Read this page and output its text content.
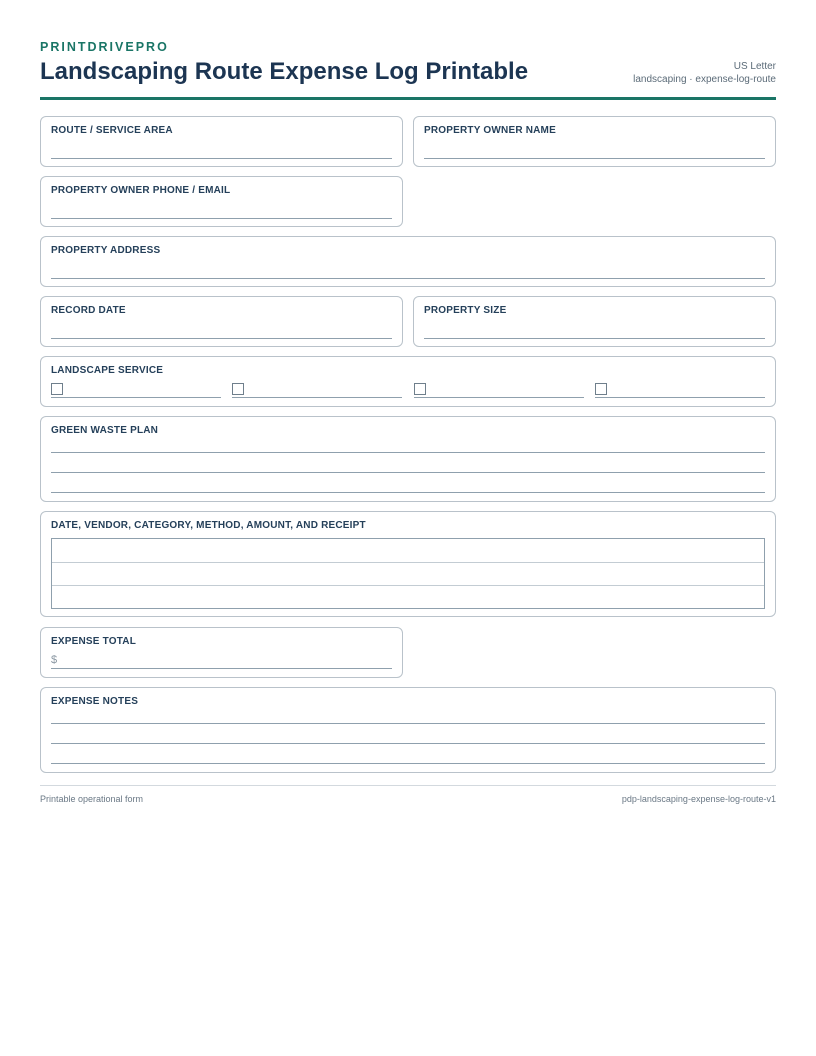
PRINTDRIVEPRO
Landscaping Route Expense Log Printable	US Letter
landscaping · expense-log-route
ROUTE / SERVICE AREA	PROPERTY OWNER NAME
PROPERTY OWNER PHONE / EMAIL
PROPERTY ADDRESS
RECORD DATE	PROPERTY SIZE
LANDSCAPE SERVICE
GREEN WASTE PLAN
DATE, VENDOR, CATEGORY, METHOD, AMOUNT, AND RECEIPT
EXPENSE TOTAL
$
EXPENSE NOTES
Printable operational form	pdp-landscaping-expense-log-route-v1
